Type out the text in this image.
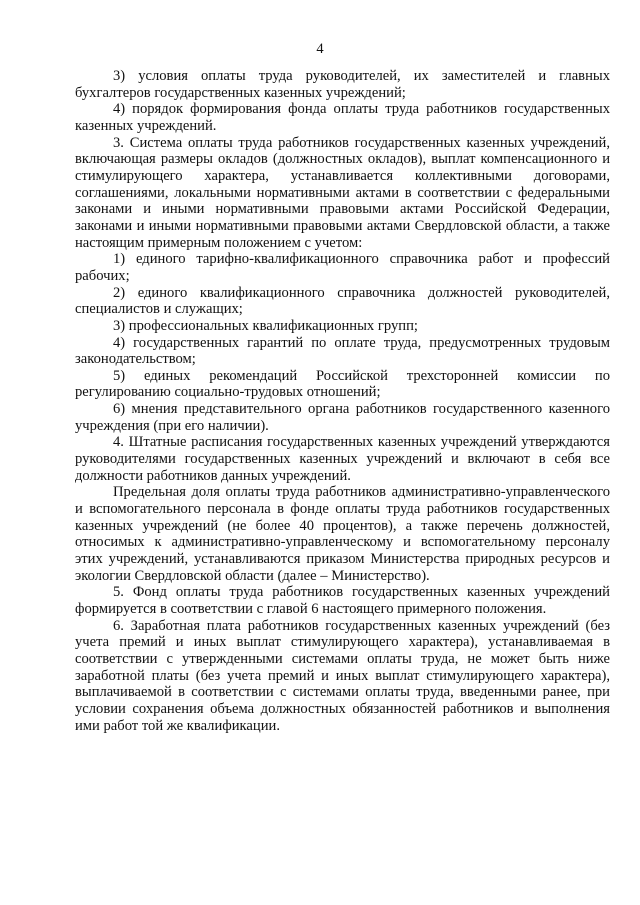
4

3) условия оплаты труда руководителей, их заместителей и главных бухгалтеров государственных казенных учреждений;

4) порядок формирования фонда оплаты труда работников государственных казенных учреждений.

3. Система оплаты труда работников государственных казенных учреждений, включающая размеры окладов (должностных окладов), выплат компенсационного и стимулирующего характера, устанавливается коллективными договорами, соглашениями, локальными нормативными актами в соответствии с федеральными законами и иными нормативными правовыми актами Российской Федерации, законами и иными нормативными правовыми актами Свердловской области, а также настоящим примерным положением с учетом:

1) единого тарифно-квалификационного справочника работ и профессий рабочих;

2) единого квалификационного справочника должностей руководителей, специалистов и служащих;

3) профессиональных квалификационных групп;

4) государственных гарантий по оплате труда, предусмотренных трудовым законодательством;

5) единых рекомендаций Российской трехсторонней комиссии по регулированию социально-трудовых отношений;

6) мнения представительного органа работников государственного казенного учреждения (при его наличии).

4. Штатные расписания государственных казенных учреждений утверждаются руководителями государственных казенных учреждений и включают в себя все должности работников данных учреждений.

Предельная доля оплаты труда работников административно-управленческого и вспомогательного персонала в фонде оплаты труда работников государственных казенных учреждений (не более 40 процентов), а также перечень должностей, относимых к административно-управленческому и вспомогательному персоналу этих учреждений, устанавливаются приказом Министерства природных ресурсов и экологии Свердловской области (далее – Министерство).

5. Фонд оплаты труда работников государственных казенных учреждений формируется в соответствии с главой 6 настоящего примерного положения.

6. Заработная плата работников государственных казенных учреждений (без учета премий и иных выплат стимулирующего характера), устанавливаемая в соответствии с утвержденными системами оплаты труда, не может быть ниже заработной платы (без учета премий и иных выплат стимулирующего характера), выплачиваемой в соответствии с системами оплаты труда, введенными ранее, при условии сохранения объема должностных обязанностей работников и выполнения ими работ той же квалификации.
